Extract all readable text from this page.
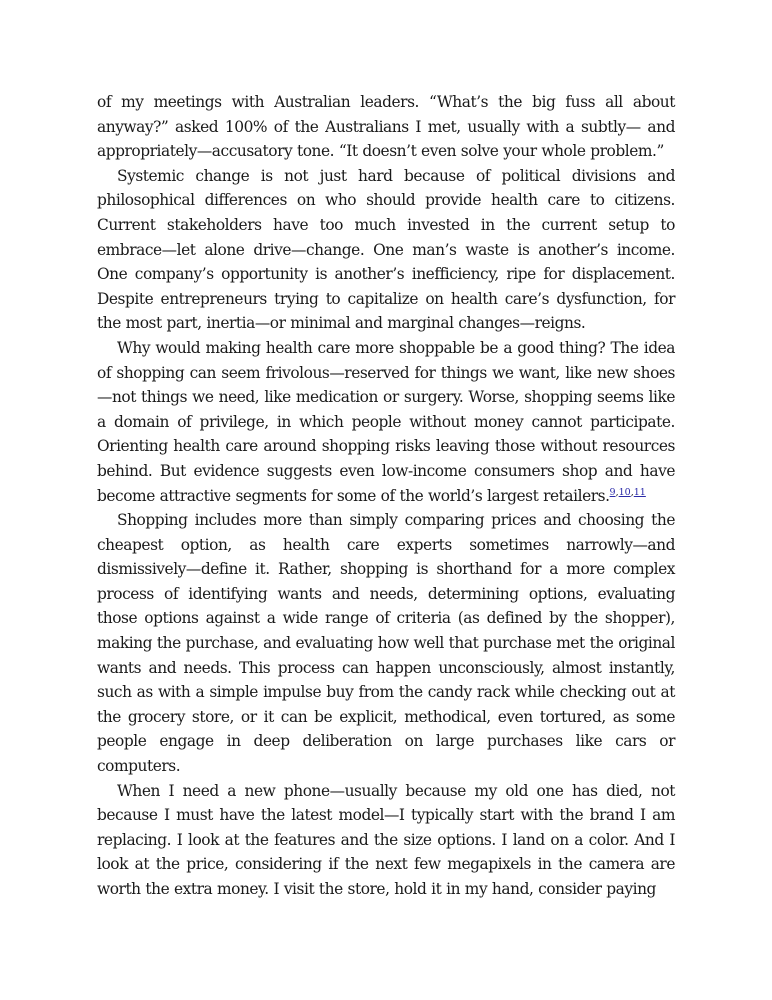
of my meetings with Australian leaders. “What’s the big fuss all about anyway?” asked 100% of the Australians I met, usually with a subtly— and appropriately—accusatory tone. “It doesn’t even solve your whole problem.”

Systemic change is not just hard because of political divisions and philosophical differences on who should provide health care to citizens. Current stakeholders have too much invested in the current setup to embrace—let alone drive—change. One man’s waste is another’s income. One company’s opportunity is another’s inefficiency, ripe for displacement. Despite entrepreneurs trying to capitalize on health care’s dysfunction, for the most part, inertia—or minimal and marginal changes—reigns.

Why would making health care more shoppable be a good thing? The idea of shopping can seem frivolous—reserved for things we want, like new shoes —not things we need, like medication or surgery. Worse, shopping seems like a domain of privilege, in which people without money cannot participate. Orienting health care around shopping risks leaving those without resources behind. But evidence suggests even low-income consumers shop and have become attractive segments for some of the world’s largest retailers.$^{9,10,11}$

Shopping includes more than simply comparing prices and choosing the cheapest option, as health care experts sometimes narrowly—and dismissively—define it. Rather, shopping is shorthand for a more complex process of identifying wants and needs, determining options, evaluating those options against a wide range of criteria (as defined by the shopper), making the purchase, and evaluating how well that purchase met the original wants and needs. This process can happen unconsciously, almost instantly, such as with a simple impulse buy from the candy rack while checking out at the grocery store, or it can be explicit, methodical, even tortured, as some people engage in deep deliberation on large purchases like cars or computers.

When I need a new phone—usually because my old one has died, not because I must have the latest model—I typically start with the brand I am replacing. I look at the features and the size options. I land on a color. And I look at the price, considering if the next few megapixels in the camera are worth the extra money. I visit the store, hold it in my hand, consider paying
